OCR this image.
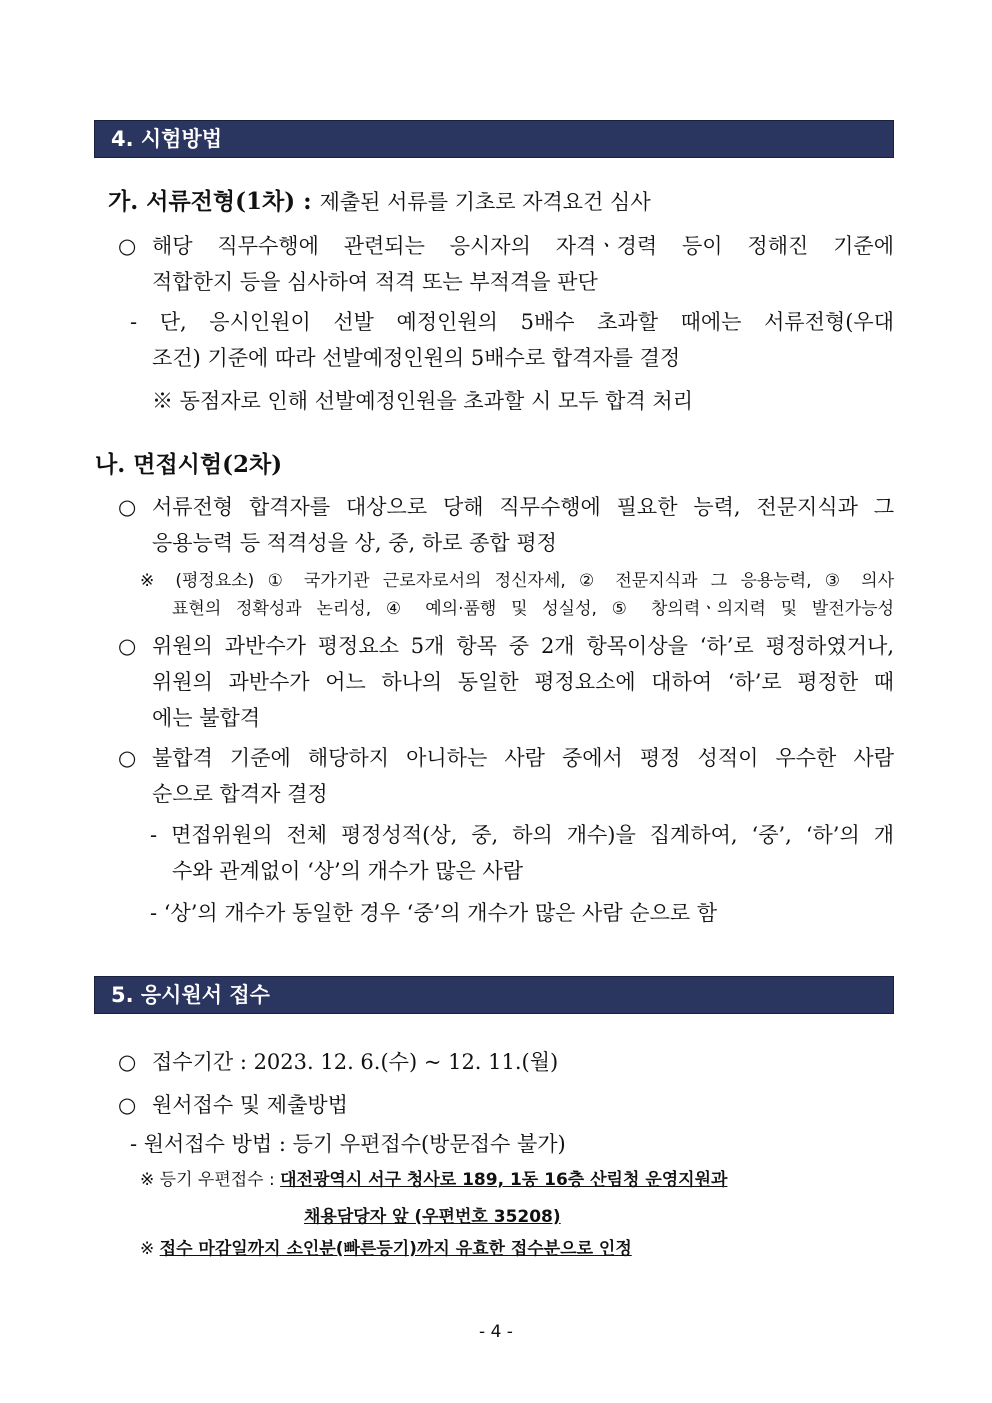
4. 시험방법
가. 서류전형(1차) : 제출된 서류를 기초로 자격요건 심사
○ 해당 직무수행에 관련되는 응시자의 자격ㆍ경력 등이 정해진 기준에
적합한지 등을 심사하여 적격 또는 부적격을 판단
- 단, 응시인원이 선발 예정인원의 5배수 초과할 때에는 서류전형(우대
조건) 기준에 따라 선발예정인원의 5배수로 합격자를 결정
※ 동점자로 인해 선발예정인원을 초과할 시 모두 합격 처리
나. 면접시험(2차)
○ 서류전형 합격자를 대상으로 당해 직무수행에 필요한 능력, 전문지식과 그
응용능력 등 적격성을 상, 중, 하로 종합 평정
※ (평정요소) ① 국가기관 근로자로서의 정신자세, ② 전문지식과 그 응용능력, ③ 의사
표현의 정확성과 논리성, ④ 예의·품행 및 성실성, ⑤ 창의력ㆍ의지력 및 발전가능성
○ 위원의 과반수가 평정요소 5개 항목 중 2개 항목이상을 ‘하’로 평정하였거나,
위원의 과반수가 어느 하나의 동일한 평정요소에 대하여 ‘하’로 평정한 때
에는 불합격
○ 불합격 기준에 해당하지 아니하는 사람 중에서 평정 성적이 우수한 사람
순으로 합격자 결정
- 면접위원의 전체 평정성적(상, 중, 하의 개수)을 집계하여, ‘중’, ‘하’의 개
수와 관계없이 ‘상’의 개수가 많은 사람
- ‘상’의 개수가 동일한 경우 ‘중’의 개수가 많은 사람 순으로 함
5. 응시원서 접수
○ 접수기간 : 2023. 12. 6.(수) ~ 12. 11.(월)
○ 원서접수 및 제출방법
- 원서접수 방법 : 등기 우편접수(방문접수 불가)
※ 등기 우편접수 : 대전광역시 서구 청사로 189, 1동 16층 산림청 운영지원과
채용담당자 앞 (우편번호 35208)
※ 접수 마감일까지 소인분(빠른등기)까지 유효한 접수분으로 인정
- 4 -
